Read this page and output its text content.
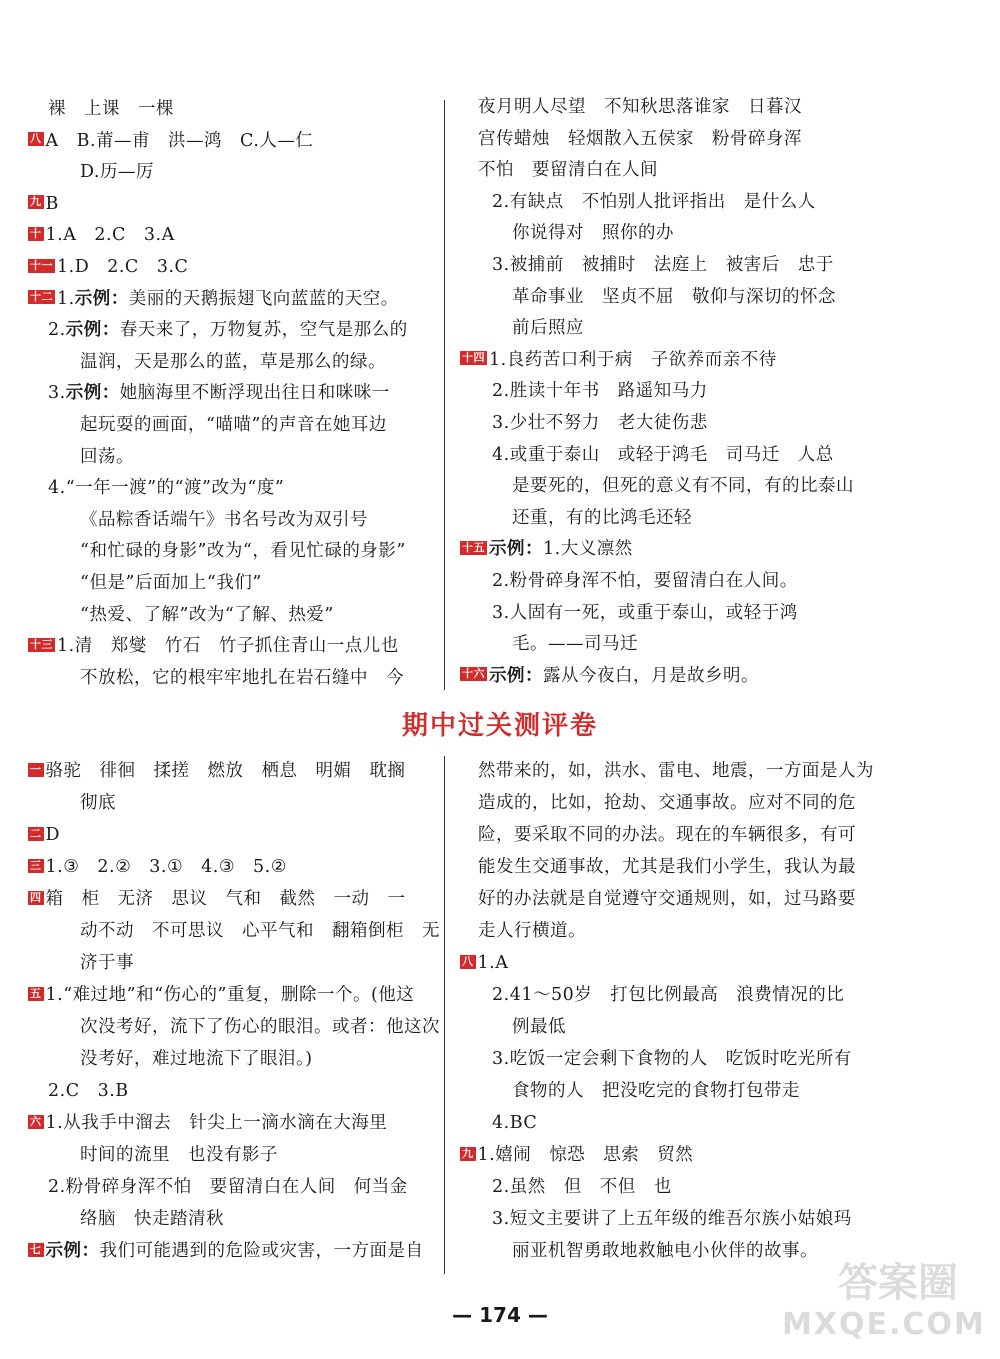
裸　上课　一棵
八 A　B.莆—甫　洪—鸿　C.人—仁
D.历—厉
九 B
十 1.A　2.C　3.A
十一 1.D　2.C　3.C
十二 1.示例：美丽的天鹅振翅飞向蓝蓝的天空。
2.示例：春天来了，万物复苏，空气是那么的
温润，天是那么的蓝，草是那么的绿。
3.示例：她脑海里不断浮现出往日和咪咪一
起玩耍的画面，“喵喵”的声音在她耳边
回荡。
4.“一年一渡”的“渡”改为“度”
《品粽香话端午》书名号改为双引号
“和忙碌的身影”改为“，看见忙碌的身影”
“但是”后面加上“我们”
“热爱、了解”改为“了解、热爱”
十三 1.清　郑燮　竹石　竹子抓住青山一点儿也
不放松，它的根牢牢地扎在岩石缝中　今
夜月明人尽望　不知秋思落谁家　日暮汉
宫传蜡烛　轻烟散入五侯家　粉骨碎身浑
不怕　要留清白在人间
2.有缺点　不怕别人批评指出　是什么人
你说得对　照你的办
3.被捕前　被捕时　法庭上　被害后　忠于
革命事业　坚贞不屈　敬仰与深切的怀念
前后照应
十四 1.良药苦口利于病　子欲养而亲不待
2.胜读十年书　路遥知马力
3.少壮不努力　老大徒伤悲
4.或重于泰山　或轻于鸿毛　司马迁　人总
是要死的，但死的意义有不同，有的比泰山
还重，有的比鸿毛还轻
十五 示例：1.大义凛然
2.粉骨碎身浑不怕，要留清白在人间。
3.人固有一死，或重于泰山，或轻于鸿
毛。——司马迁
十六 示例：露从今夜白，月是故乡明。
期中过关测评卷
一 骆驼　徘徊　揉搓　燃放　栖息　明媚　耽搁
彻底
二 D
三 1.③　2.②　3.①　4.③　5.②
四 箱　柜　无济　思议　气和　截然　一动　一
动不动　不可思议　心平气和　翻箱倒柜　无
济于事
五 1.“难过地”和“伤心的”重复，删除一个。(他这
次没考好，流下了伤心的眼泪。或者：他这次
没考好，难过地流下了眼泪。)
2.C　3.B
六 1.从我手中溜去　针尖上一滴水滴在大海里
时间的流里　也没有影子
2.粉骨碎身浑不怕　要留清白在人间　何当金
络脑　快走踏清秋
七 示例：我们可能遇到的危险或灾害，一方面是自
然带来的，如，洪水、雷电、地震，一方面是人为
造成的，比如，抢劫、交通事故。应对不同的危
险，要采取不同的办法。现在的车辆很多，有可
能发生交通事故，尤其是我们小学生，我认为最
好的办法就是自觉遵守交通规则，如，过马路要
走人行横道。
八 1.A
2.41～50岁　打包比例最高　浪费情况的比
例最低
3.吃饭一定会剩下食物的人　吃饭时吃光所有
食物的人　把没吃完的食物打包带走
4.BC
九 1.嬉闹　惊恐　思索　贸然
2.虽然　但　不但　也
3.短文主要讲了上五年级的维吾尔族小姑娘玛
丽亚机智勇敢地救触电小伙伴的故事。
— 174 —
答案圈
MXQE.COM
